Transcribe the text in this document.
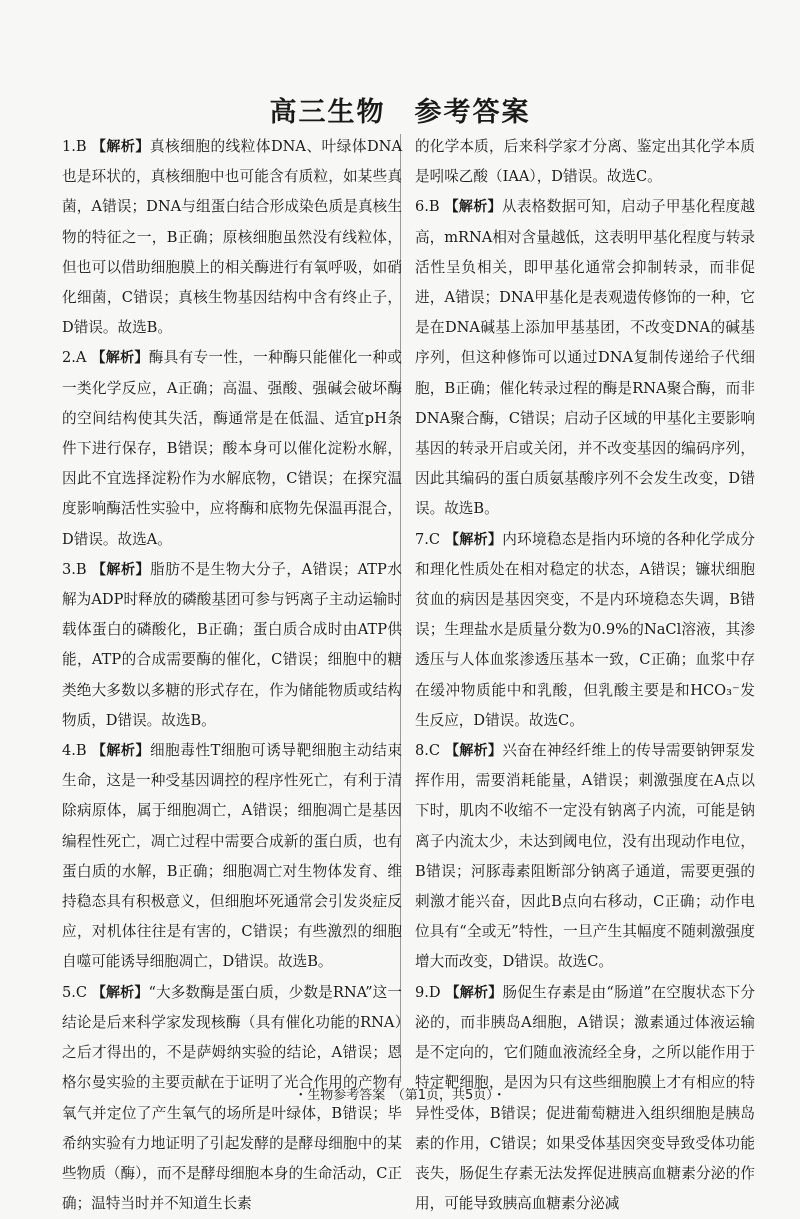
高三生物　参考答案

1.B 【解析】真核细胞的线粒体DNA、叶绿体DNA也是环状的，真核细胞中也可能含有质粒，如某些真菌，A错误；DNA与组蛋白结合形成染色质是真核生物的特征之一，B正确；原核细胞虽然没有线粒体，但也可以借助细胞膜上的相关酶进行有氧呼吸，如硝化细菌，C错误；真核生物基因结构中含有终止子，D错误。故选B。

2.A 【解析】酶具有专一性，一种酶只能催化一种或一类化学反应，A正确；高温、强酸、强碱会破坏酶的空间结构使其失活，酶通常是在低温、适宜pH条件下进行保存，B错误；酸本身可以催化淀粉水解，因此不宜选择淀粉作为水解底物，C错误；在探究温度影响酶活性实验中，应将酶和底物先保温再混合，D错误。故选A。

3.B 【解析】脂肪不是生物大分子，A错误；ATP水解为ADP时释放的磷酸基团可参与钙离子主动运输时载体蛋白的磷酸化，B正确；蛋白质合成时由ATP供能，ATP的合成需要酶的催化，C错误；细胞中的糖类绝大多数以多糖的形式存在，作为储能物质或结构物质，D错误。故选B。

4.B 【解析】细胞毒性T细胞可诱导靶细胞主动结束生命，这是一种受基因调控的程序性死亡，有利于清除病原体，属于细胞凋亡，A错误；细胞凋亡是基因编程性死亡，凋亡过程中需要合成新的蛋白质，也有蛋白质的水解，B正确；细胞凋亡对生物体发育、维持稳态具有积极意义，但细胞坏死通常会引发炎症反应，对机体往往是有害的，C错误；有些激烈的细胞自噬可能诱导细胞凋亡，D错误。故选B。

5.C 【解析】“大多数酶是蛋白质，少数是RNA”这一结论是后来科学家发现核酶（具有催化功能的RNA）之后才得出的，不是萨姆纳实验的结论，A错误；恩格尔曼实验的主要贡献在于证明了光合作用的产物有氧气并定位了产生氧气的场所是叶绿体，B错误；毕希纳实验有力地证明了引起发酵的是酵母细胞中的某些物质（酶），而不是酵母细胞本身的生命活动，C正确；温特当时并不知道生长素

的化学本质，后来科学家才分离、鉴定出其化学本质是吲哚乙酸（IAA），D错误。故选C。

6.B 【解析】从表格数据可知，启动子甲基化程度越高，mRNA相对含量越低，这表明甲基化程度与转录活性呈负相关，即甲基化通常会抑制转录，而非促进，A错误；DNA甲基化是表观遗传修饰的一种，它是在DNA碱基上添加甲基基团，不改变DNA的碱基序列，但这种修饰可以通过DNA复制传递给子代细胞，B正确；催化转录过程的酶是RNA聚合酶，而非DNA聚合酶，C错误；启动子区域的甲基化主要影响基因的转录开启或关闭，并不改变基因的编码序列，因此其编码的蛋白质氨基酸序列不会发生改变，D错误。故选B。

7.C 【解析】内环境稳态是指内环境的各种化学成分和理化性质处在相对稳定的状态，A错误；镰状细胞贫血的病因是基因突变，不是内环境稳态失调，B错误；生理盐水是质量分数为0.9%的NaCl溶液，其渗透压与人体血浆渗透压基本一致，C正确；血浆中存在缓冲物质能中和乳酸，但乳酸主要是和HCO₃⁻发生反应，D错误。故选C。

8.C 【解析】兴奋在神经纤维上的传导需要钠钾泵发挥作用，需要消耗能量，A错误；刺激强度在A点以下时，肌肉不收缩不一定没有钠离子内流，可能是钠离子内流太少，未达到阈电位，没有出现动作电位，B错误；河豚毒素阻断部分钠离子通道，需要更强的刺激才能兴奋，因此B点向右移动，C正确；动作电位具有“全或无”特性，一旦产生其幅度不随刺激强度增大而改变，D错误。故选C。

9.D 【解析】肠促生存素是由“肠道”在空腹状态下分泌的，而非胰岛A细胞，A错误；激素通过体液运输是不定向的，它们随血液流经全身，之所以能作用于特定靶细胞，是因为只有这些细胞膜上才有相应的特异性受体，B错误；促进葡萄糖进入组织细胞是胰岛素的作用，C错误；如果受体基因突变导致受体功能丧失，肠促生存素无法发挥促进胰高血糖素分泌的作用，可能导致胰高血糖素分泌减

・生物参考答案　（第1页，共5页）・
